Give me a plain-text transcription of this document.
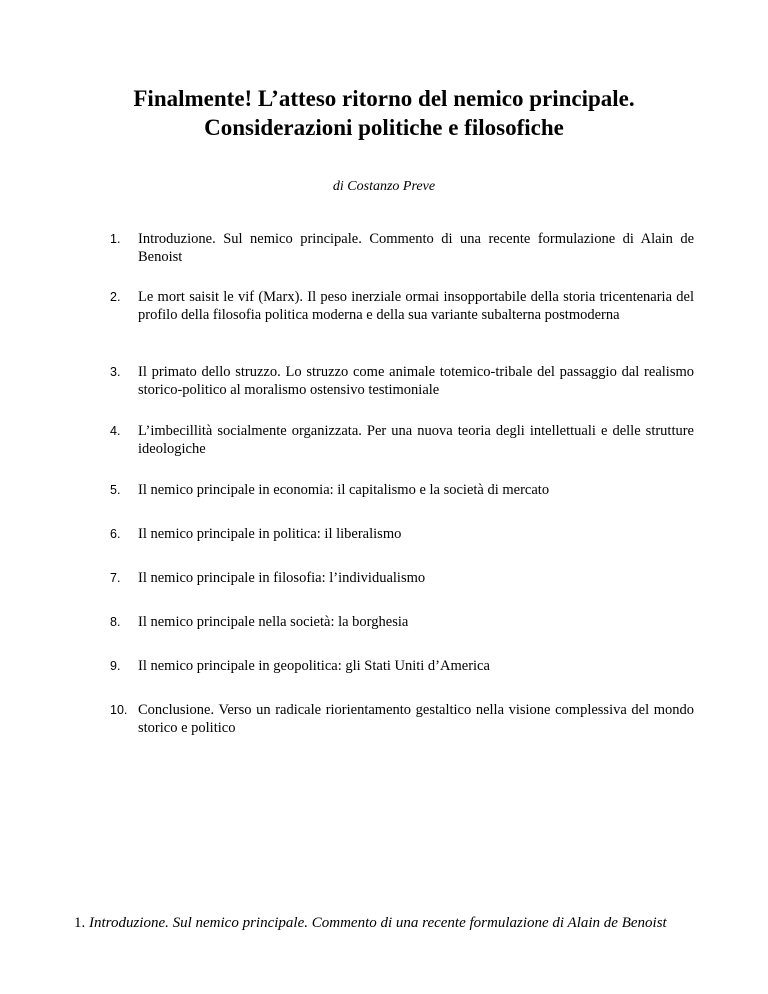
Finalmente! L’atteso ritorno del nemico principale.
Considerazioni politiche e filosofiche

di Costanzo Preve

1.	Introduzione. Sul nemico principale. Commento di una recente formulazione di Alain de Benoist
2.	Le mort saisit le vif (Marx). Il peso inerziale ormai insopportabile della storia tricentenaria del profilo della filosofia politica moderna e della sua variante subalterna postmoderna
3.	Il primato dello struzzo. Lo struzzo come animale totemico-tribale del passaggio dal realismo storico-politico al moralismo ostensivo testimoniale
4.	L’imbecillità socialmente organizzata. Per una nuova teoria degli intellettuali e delle strutture ideologiche
5.	Il nemico principale in economia: il capitalismo e la società di mercato
6.	Il nemico principale in politica: il liberalismo
7.	Il nemico principale in filosofia: l’individualismo
8.	Il nemico principale nella società: la borghesia
9.	Il nemico principale in geopolitica: gli Stati Uniti d’America
10. Conclusione. Verso un radicale riorientamento gestaltico nella visione complessiva del mondo storico e politico

1. Introduzione. Sul nemico principale. Commento di una recente formulazione di Alain de Benoist
